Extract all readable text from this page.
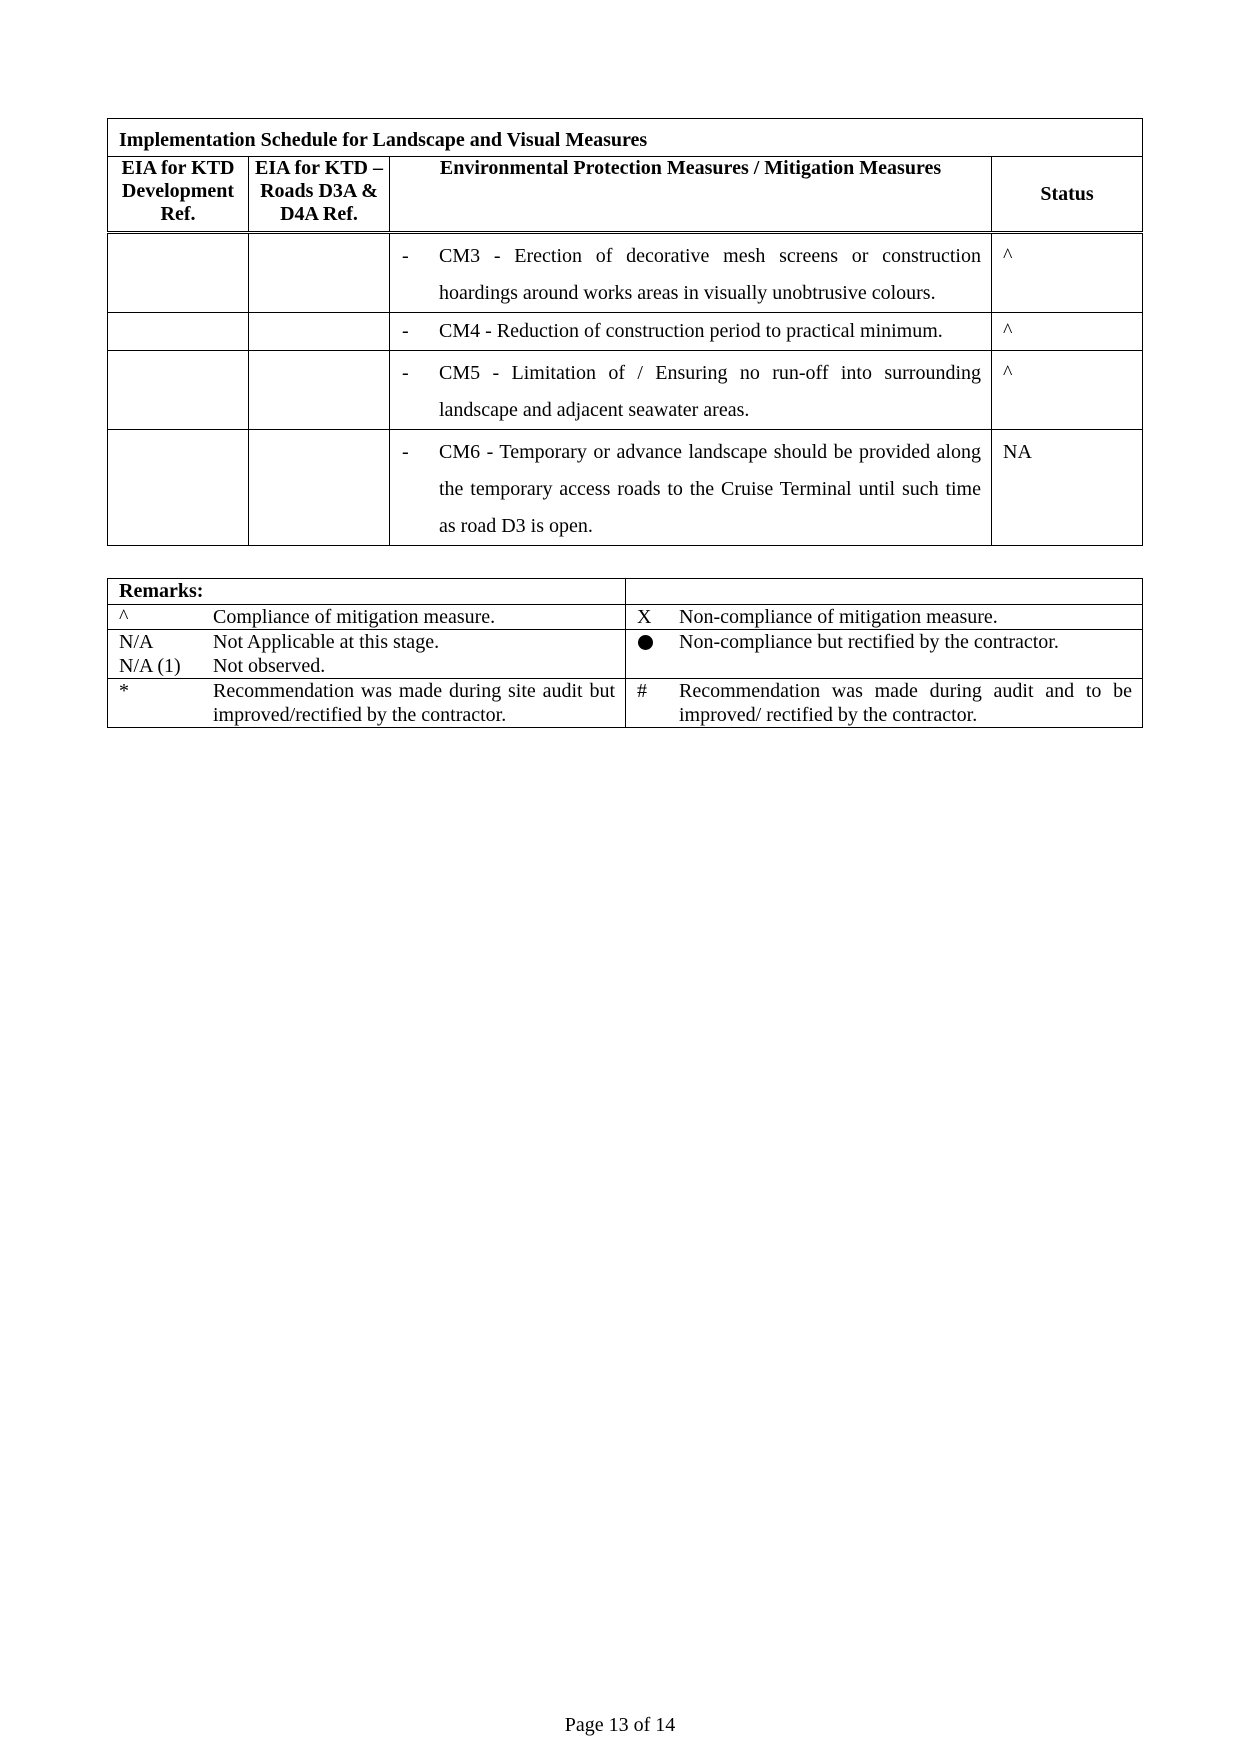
Implementation Schedule for Landscape and Visual Measures			
EIA for KTD Development Ref.	EIA for KTD – Roads D3A & D4A Ref.	Environmental Protection Measures / Mitigation Measures	Status

		- CM3 - Erection of decorative mesh screens or construction hoardings around works areas in visually unobtrusive colours.	^

		- CM4 - Reduction of construction period to practical minimum.	^

		- CM5 - Limitation of / Ensuring no run-off into surrounding landscape and adjacent seawater areas.	^

		- CM6 - Temporary or advance landscape should be provided along the temporary access roads to the Cruise Terminal until such time as road D3 is open.	NA
Remarks:	

^ Compliance of mitigation measure.	X Non-compliance of mitigation measure.

N/A Not Applicable at this stage.
N/A (1) Not observed.	Non-compliance but rectified by the contractor.

* Recommendation was made during site audit but improved/rectified by the contractor.	# Recommendation was made during audit and to be improved/ rectified by the contractor.
Page 13 of 14
